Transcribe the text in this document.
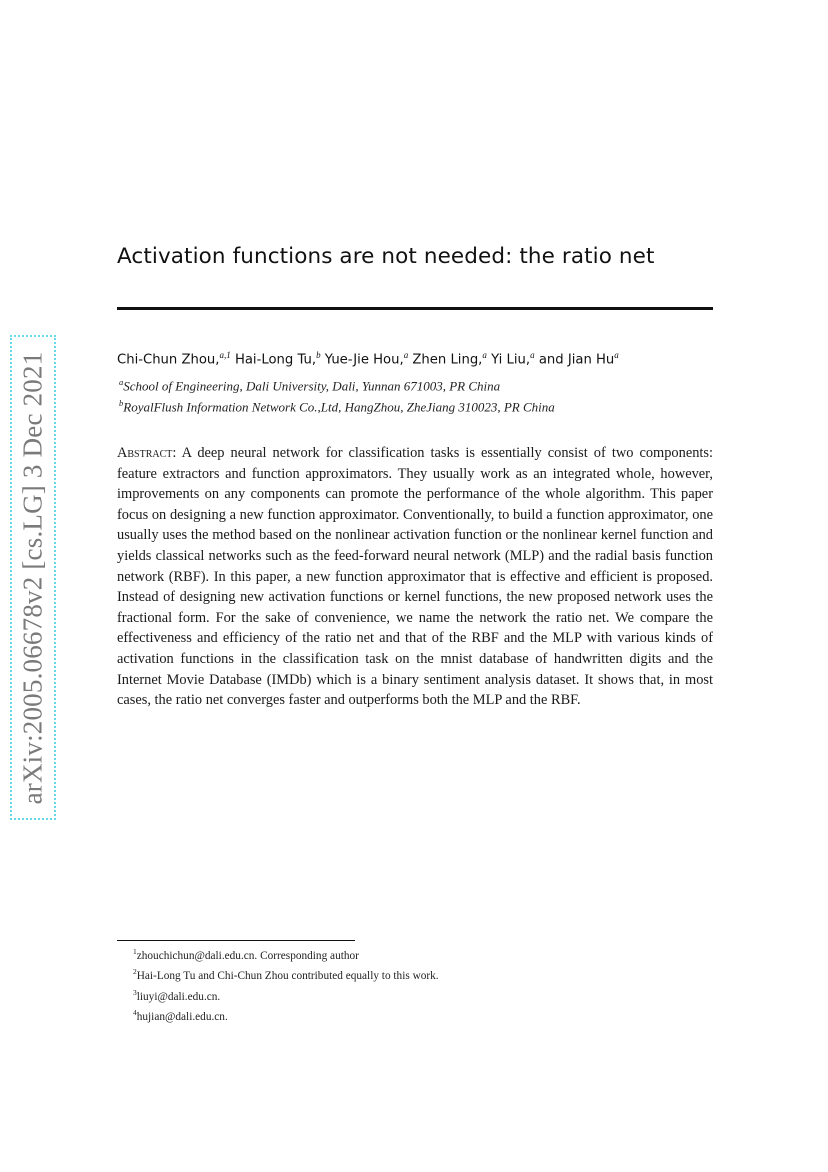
arXiv:2005.06678v2 [cs.LG] 3 Dec 2021
Activation functions are not needed: the ratio net
Chi-Chun Zhou,$^{a,1}$ Hai-Long Tu,$^b$ Yue-Jie Hou,$^a$ Zhen Ling,$^a$ Yi Liu,$^a$ and Jian Hu$^a$
$^a$School of Engineering, Dali University, Dali, Yunnan 671003, PR China
$^b$RoyalFlush Information Network Co.,Ltd, HangZhou, ZheJiang 310023, PR China
Abstract: A deep neural network for classification tasks is essentially consist of two components: feature extractors and function approximators. They usually work as an integrated whole, however, improvements on any components can promote the performance of the whole algorithm. This paper focus on designing a new function approximator. Conventionally, to build a function approximator, one usually uses the method based on the nonlinear activation function or the nonlinear kernel function and yields classical networks such as the feed-forward neural network (MLP) and the radial basis function network (RBF). In this paper, a new function approximator that is effective and efficient is proposed. Instead of designing new activation functions or kernel functions, the new proposed network uses the fractional form. For the sake of convenience, we name the network the ratio net. We compare the effectiveness and efficiency of the ratio net and that of the RBF and the MLP with various kinds of activation functions in the classification task on the mnist database of handwritten digits and the Internet Movie Database (IMDb) which is a binary sentiment analysis dataset. It shows that, in most cases, the ratio net converges faster and outperforms both the MLP and the RBF.
$^1$zhouchichun@dali.edu.cn. Corresponding author
$^2$Hai-Long Tu and Chi-Chun Zhou contributed equally to this work.
$^3$liuyi@dali.edu.cn.
$^4$hujian@dali.edu.cn.
